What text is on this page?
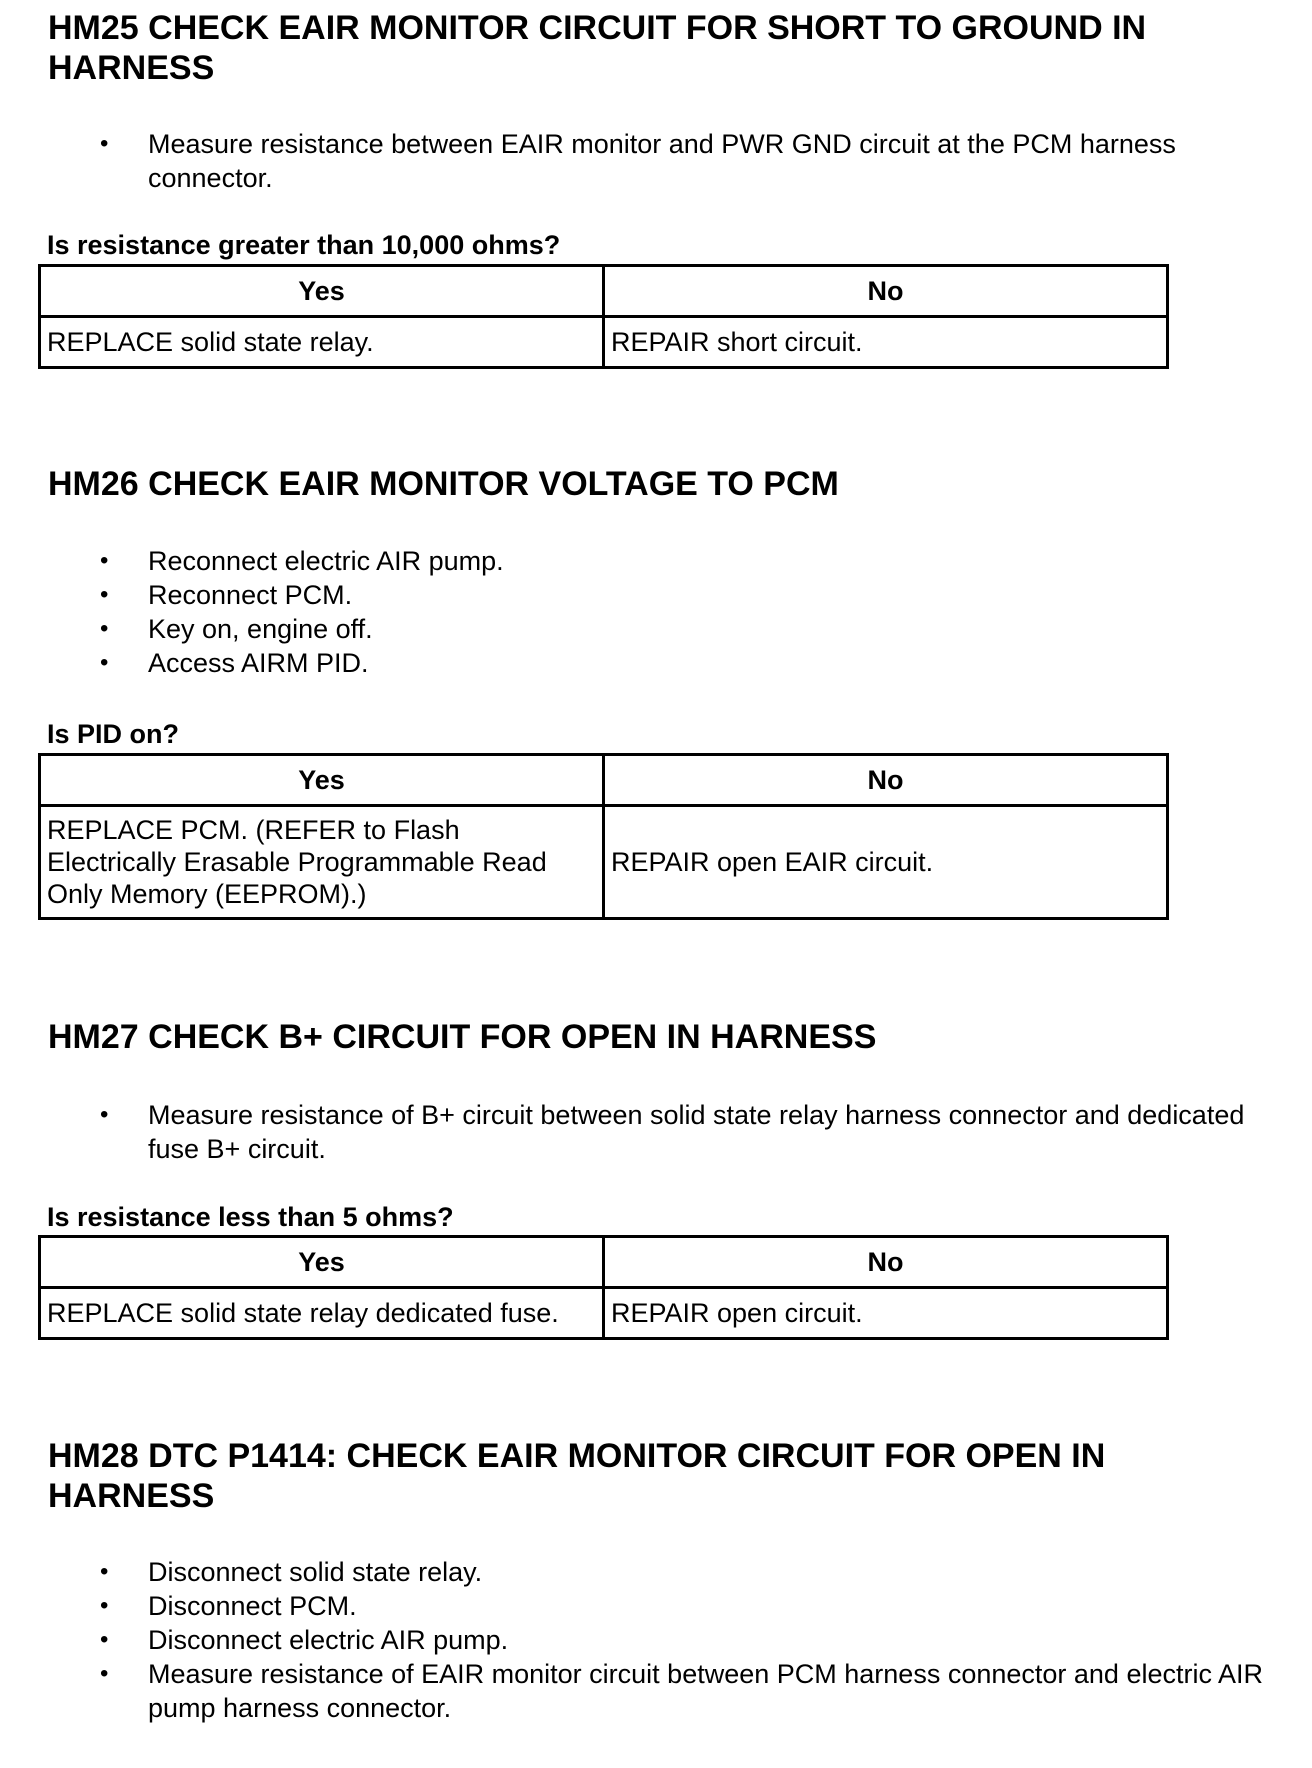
HM25 CHECK EAIR MONITOR CIRCUIT FOR SHORT TO GROUND IN HARNESS
• Measure resistance between EAIR monitor and PWR GND circuit at the PCM harness connector.

Is resistance greater than 10,000 ohms?

Yes	No
REPLACE solid state relay.	REPAIR short circuit.
HM26 CHECK EAIR MONITOR VOLTAGE TO PCM
• Reconnect electric AIR pump.
• Reconnect PCM.
• Key on, engine off.
• Access AIRM PID.

Is PID on?

Yes	No
REPLACE PCM. (REFER to Flash Electrically Erasable Programmable Read Only Memory (EEPROM).)	REPAIR open EAIR circuit.
HM27 CHECK B+ CIRCUIT FOR OPEN IN HARNESS
• Measure resistance of B+ circuit between solid state relay harness connector and dedicated fuse B+ circuit.

Is resistance less than 5 ohms?

Yes	No
REPLACE solid state relay dedicated fuse.	REPAIR open circuit.
HM28 DTC P1414: CHECK EAIR MONITOR CIRCUIT FOR OPEN IN HARNESS
• Disconnect solid state relay.
• Disconnect PCM.
• Disconnect electric AIR pump.
• Measure resistance of EAIR monitor circuit between PCM harness connector and electric AIR pump harness connector.
